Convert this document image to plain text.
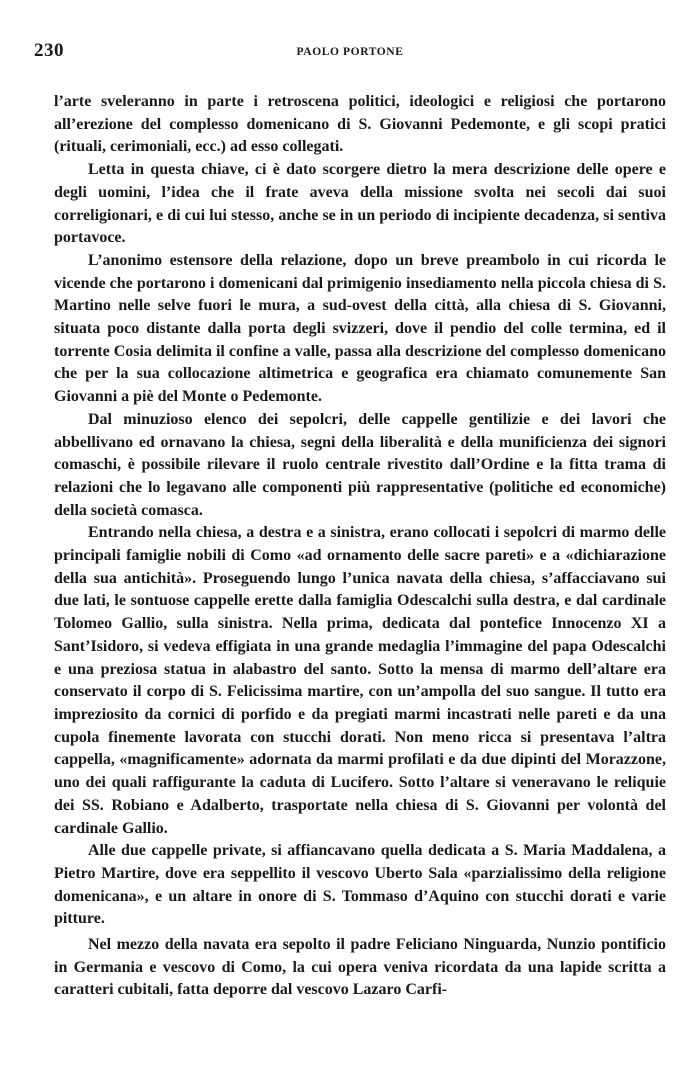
230	PAOLO PORTONE

l’arte sveleranno in parte i retroscena politici, ideologici e religiosi che portarono all’erezione del complesso domenicano di S. Giovanni Pedemonte, e gli scopi pratici (rituali, cerimoniali, ecc.) ad esso collegati.

Letta in questa chiave, ci è dato scorgere dietro la mera descrizione delle opere e degli uomini, l’idea che il frate aveva della missione svolta nei secoli dai suoi correligionari, e di cui lui stesso, anche se in un periodo di incipiente decadenza, si sentiva portavoce.

L’anonimo estensore della relazione, dopo un breve preambolo in cui ricorda le vicende che portarono i domenicani dal primigenio insediamento nella piccola chiesa di S. Martino nelle selve fuori le mura, a sud-ovest della città, alla chiesa di S. Giovanni, situata poco distante dalla porta degli svizzeri, dove il pendio del colle termina, ed il torrente Cosia delimita il confine a valle, passa alla descrizione del complesso domenicano che per la sua collocazione altimetrica e geografica era chiamato comunemente San Giovanni a piè del Monte o Pedemonte.

Dal minuzioso elenco dei sepolcri, delle cappelle gentilizie e dei lavori che abbellivano ed ornavano la chiesa, segni della liberalità e della munificienza dei signori comaschi, è possibile rilevare il ruolo centrale rivestito dall’Ordine e la fitta trama di relazioni che lo legavano alle componenti più rappresentative (politiche ed economiche) della società comasca.

Entrando nella chiesa, a destra e a sinistra, erano collocati i sepolcri di marmo delle principali famiglie nobili di Como «ad ornamento delle sacre pareti» e a «dichiarazione della sua antichità». Proseguendo lungo l’unica navata della chiesa, s’affacciavano sui due lati, le sontuose cappelle erette dalla famiglia Odescalchi sulla destra, e dal cardinale Tolomeo Gallio, sulla sinistra. Nella prima, dedicata dal pontefice Innocenzo XI a Sant’Isidoro, si vedeva effigiata in una grande medaglia l’immagine del papa Odescalchi e una preziosa statua in alabastro del santo. Sotto la mensa di marmo dell’altare era conservato il corpo di S. Felicissima martire, con un’ampolla del suo sangue. Il tutto era impreziosito da cornici di porfido e da pregiati marmi incastrati nelle pareti e da una cupola finemente lavorata con stucchi dorati. Non meno ricca si presentava l’altra cappella, «magnificamente» adornata da marmi profilati e da due dipinti del Morazzone, uno dei quali raffigurante la caduta di Lucifero. Sotto l’altare si veneravano le reliquie dei SS. Robiano e Adalberto, trasportate nella chiesa di S. Giovanni per volontà del cardinale Gallio.

Alle due cappelle private, si affiancavano quella dedicata a S. Maria Maddalena, a Pietro Martire, dove era seppellito il vescovo Uberto Sala «parzialissimo della religione domenicana», e un altare in onore di S. Tommaso d’Aquino con stucchi dorati e varie pitture.

Nel mezzo della navata era sepolto il padre Feliciano Ninguarda, Nunzio pontificio in Germania e vescovo di Como, la cui opera veniva ricordata da una lapide scritta a caratteri cubitali, fatta deporre dal vescovo Lazaro Carfi-
